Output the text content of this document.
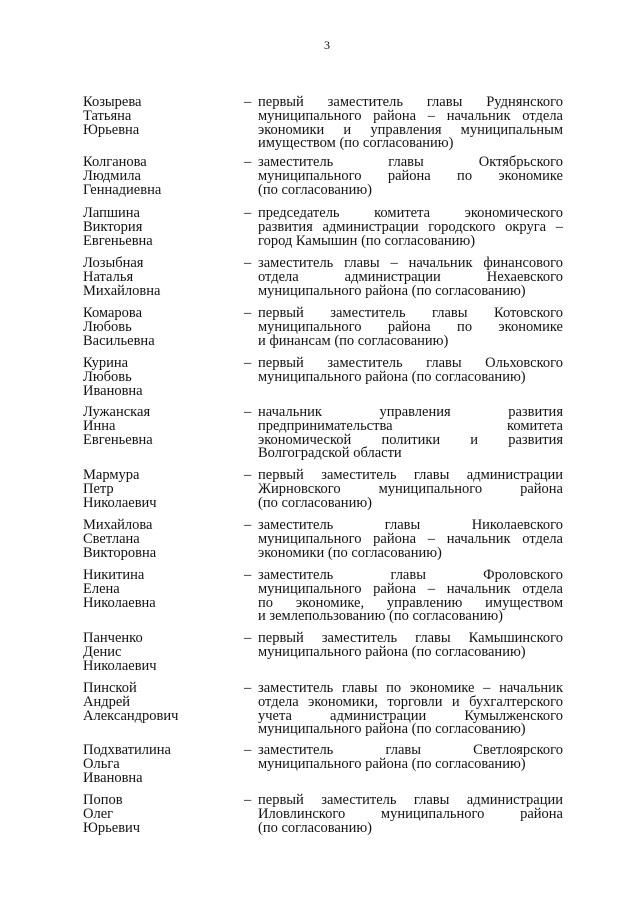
3
Козырева
Татьяна
Юрьевна
– первый заместитель главы Руднянского
муниципального района – начальник отдела
экономики и управления муниципальным
имуществом (по согласованию)
Колганова
Людмила
Геннадиевна
– заместитель главы Октябрьского
муниципального района по экономике
(по согласованию)
Лапшина
Виктория
Евгеньевна
– председатель комитета экономического
развития администрации городского округа –
город Камышин (по согласованию)
Лозыбная
Наталья
Михайловна
– заместитель главы – начальник финансового
отдела администрации Нехаевского
муниципального района (по согласованию)
Комарова
Любовь
Васильевна
– первый заместитель главы Котовского
муниципального района по экономике
и финансам (по согласованию)
Курина
Любовь
Ивановна
– первый заместитель главы Ольховского
муниципального района (по согласованию)
Лужанская
Инна
Евгеньевна
– начальник управления развития
предпринимательства комитета
экономической политики и развития
Волгоградской области
Мармура
Петр
Николаевич
– первый заместитель главы администрации
Жирновского муниципального района
(по согласованию)
Михайлова
Светлана
Викторовна
– заместитель главы Николаевского
муниципального района – начальник отдела
экономики (по согласованию)
Никитина
Елена
Николаевна
– заместитель главы Фроловского
муниципального района – начальник отдела
по экономике, управлению имуществом
и землепользованию (по согласованию)
Панченко
Денис
Николаевич
– первый заместитель главы Камышинского
муниципального района (по согласованию)
Пинской
Андрей
Александрович
– заместитель главы по экономике – начальник
отдела экономики, торговли и бухгалтерского
учета администрации Кумылженского
муниципального района (по согласованию)
Подхватилина
Ольга
Ивановна
– заместитель главы Светлоярского
муниципального района (по согласованию)
Попов
Олег
Юрьевич
– первый заместитель главы администрации
Иловлинского муниципального района
(по согласованию)
